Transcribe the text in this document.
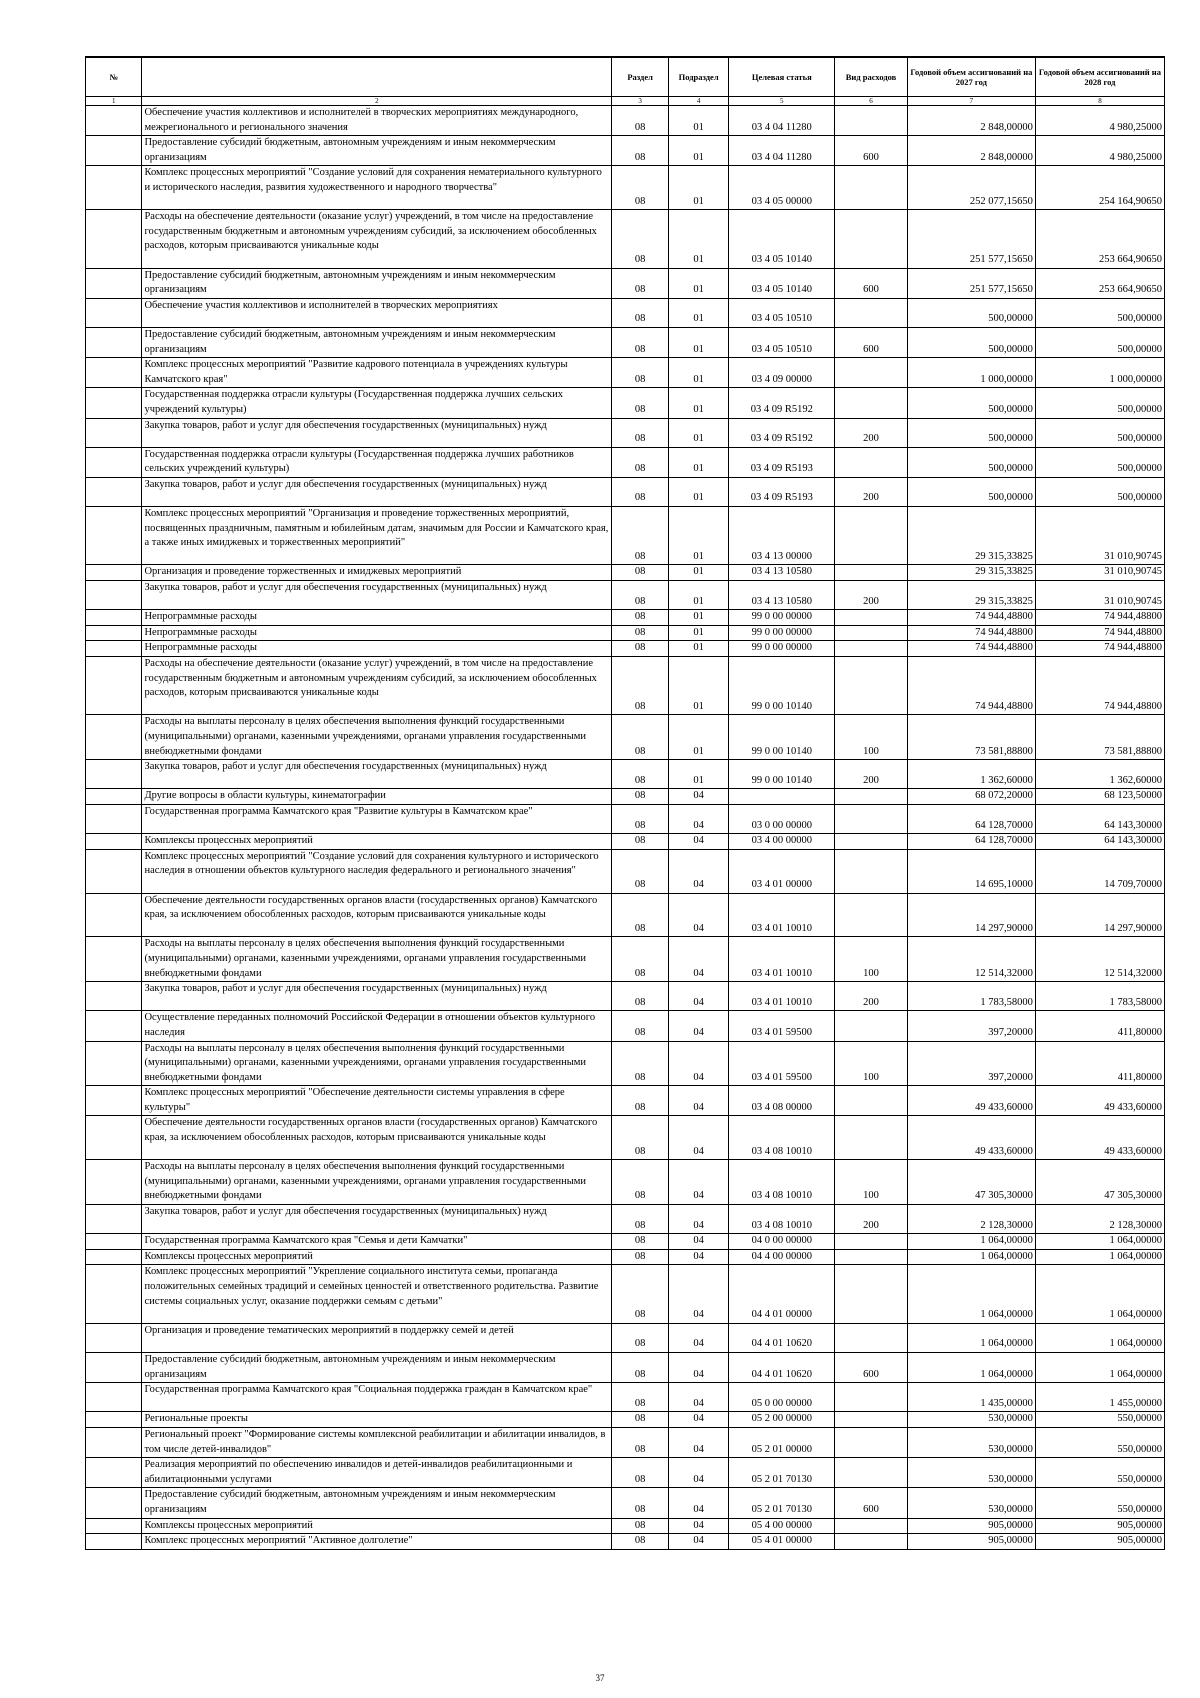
№		Раздел	Подраздел	Целевая статья	Вид расходов	Годовой объем ассигнований на 2027 год	Годовой объем ассигнований на 2028 год
1	2	3	4	5	6	7	8
	Обеспечение участия коллективов и исполнителей в творческих мероприятиях международного, межрегионального и регионального значения	08	01	03 4 04 11280		2 848,00000	4 980,25000
	Предоставление субсидий бюджетным, автономным учреждениям и иным некоммерческим организациям	08	01	03 4 04 11280	600	2 848,00000	4 980,25000
	Комплекс процессных мероприятий "Создание условий для сохранения нематериального культурного и исторического наследия, развития художественного и народного творчества"	08	01	03 4 05 00000		252 077,15650	254 164,90650
	Расходы на обеспечение деятельности (оказание услуг) учреждений, в том числе на предоставление государственным бюджетным и автономным учреждениям субсидий, за исключением обособленных расходов, которым присваиваются уникальные коды	08	01	03 4 05 10140		251 577,15650	253 664,90650
	Предоставление субсидий бюджетным, автономным учреждениям и иным некоммерческим организациям	08	01	03 4 05 10140	600	251 577,15650	253 664,90650
	Обеспечение участия коллективов и исполнителей в творческих мероприятиях	08	01	03 4 05 10510		500,00000	500,00000
	Предоставление субсидий бюджетным, автономным учреждениям и иным некоммерческим организациям	08	01	03 4 05 10510	600	500,00000	500,00000
	Комплекс процессных мероприятий "Развитие кадрового потенциала в учреждениях культуры Камчатского края"	08	01	03 4 09 00000		1 000,00000	1 000,00000
	Государственная поддержка отрасли культуры (Государственная поддержка лучших сельских учреждений культуры)	08	01	03 4 09 R5192		500,00000	500,00000
	Закупка товаров, работ и услуг для обеспечения государственных (муниципальных) нужд	08	01	03 4 09 R5192	200	500,00000	500,00000
	Государственная поддержка отрасли культуры (Государственная поддержка лучших работников сельских учреждений культуры)	08	01	03 4 09 R5193		500,00000	500,00000
	Закупка товаров, работ и услуг для обеспечения государственных (муниципальных) нужд	08	01	03 4 09 R5193	200	500,00000	500,00000
	Комплекс процессных мероприятий "Организация и проведение торжественных мероприятий, посвященных праздничным, памятным и юбилейным датам, значимым для России и Камчатского края, а также иных имиджевых и торжественных мероприятий"	08	01	03 4 13 00000		29 315,33825	31 010,90745
	Организация и проведение торжественных и имиджевых мероприятий	08	01	03 4 13 10580		29 315,33825	31 010,90745
	Закупка товаров, работ и услуг для обеспечения государственных (муниципальных) нужд	08	01	03 4 13 10580	200	29 315,33825	31 010,90745
	Непрограммные расходы	08	01	99 0 00 00000		74 944,48800	74 944,48800
	Непрограммные расходы	08	01	99 0 00 00000		74 944,48800	74 944,48800
	Непрограммные расходы	08	01	99 0 00 00000		74 944,48800	74 944,48800
	Расходы на обеспечение деятельности (оказание услуг) учреждений, в том числе на предоставление государственным бюджетным и автономным учреждениям субсидий, за исключением обособленных расходов, которым присваиваются уникальные коды	08	01	99 0 00 10140		74 944,48800	74 944,48800
	Расходы на выплаты персоналу в целях обеспечения выполнения функций государственными (муниципальными) органами, казенными учреждениями, органами управления государственными внебюджетными фондами	08	01	99 0 00 10140	100	73 581,88800	73 581,88800
	Закупка товаров, работ и услуг для обеспечения государственных (муниципальных) нужд	08	01	99 0 00 10140	200	1 362,60000	1 362,60000
	Другие вопросы в области культуры, кинематографии	08	04			68 072,20000	68 123,50000
	Государственная программа Камчатского края "Развитие культуры в Камчатском крае"	08	04	03 0 00 00000		64 128,70000	64 143,30000
	Комплексы процессных мероприятий	08	04	03 4 00 00000		64 128,70000	64 143,30000
	Комплекс процессных мероприятий "Создание условий для сохранения культурного и исторического наследия в отношении объектов культурного наследия федерального и регионального значения"	08	04	03 4 01 00000		14 695,10000	14 709,70000
	Обеспечение деятельности государственных органов власти (государственных органов) Камчатского края, за исключением обособленных расходов, которым присваиваются уникальные коды	08	04	03 4 01 10010		14 297,90000	14 297,90000
	Расходы на выплаты персоналу в целях обеспечения выполнения функций государственными (муниципальными) органами, казенными учреждениями, органами управления государственными внебюджетными фондами	08	04	03 4 01 10010	100	12 514,32000	12 514,32000
	Закупка товаров, работ и услуг для обеспечения государственных (муниципальных) нужд	08	04	03 4 01 10010	200	1 783,58000	1 783,58000
	Осуществление переданных полномочий Российской Федерации в отношении объектов культурного наследия	08	04	03 4 01 59500		397,20000	411,80000
	Расходы на выплаты персоналу в целях обеспечения выполнения функций государственными (муниципальными) органами, казенными учреждениями, органами управления государственными внебюджетными фондами	08	04	03 4 01 59500	100	397,20000	411,80000
	Комплекс процессных мероприятий "Обеспечение деятельности системы управления в сфере культуры"	08	04	03 4 08 00000		49 433,60000	49 433,60000
	Обеспечение деятельности государственных органов власти (государственных органов) Камчатского края, за исключением обособленных расходов, которым присваиваются уникальные коды	08	04	03 4 08 10010		49 433,60000	49 433,60000
	Расходы на выплаты персоналу в целях обеспечения выполнения функций государственными (муниципальными) органами, казенными учреждениями, органами управления государственными внебюджетными фондами	08	04	03 4 08 10010	100	47 305,30000	47 305,30000
	Закупка товаров, работ и услуг для обеспечения государственных (муниципальных) нужд	08	04	03 4 08 10010	200	2 128,30000	2 128,30000
	Государственная программа Камчатского края "Семья и дети Камчатки"	08	04	04 0 00 00000		1 064,00000	1 064,00000
	Комплексы процессных мероприятий	08	04	04 4 00 00000		1 064,00000	1 064,00000
	Комплекс процессных мероприятий "Укрепление социального института семьи, пропаганда положительных семейных традиций и семейных ценностей и ответственного родительства. Развитие системы социальных услуг, оказание поддержки семьям с детьми"	08	04	04 4 01 00000		1 064,00000	1 064,00000
	Организация и проведение тематических мероприятий в поддержку семей и детей	08	04	04 4 01 10620		1 064,00000	1 064,00000
	Предоставление субсидий бюджетным, автономным учреждениям и иным некоммерческим организациям	08	04	04 4 01 10620	600	1 064,00000	1 064,00000
	Государственная программа Камчатского края "Социальная поддержка граждан в Камчатском крае"	08	04	05 0 00 00000		1 435,00000	1 455,00000
	Региональные проекты	08	04	05 2 00 00000		530,00000	550,00000
	Региональный проект "Формирование системы комплексной реабилитации и абилитации инвалидов, в том числе детей-инвалидов"	08	04	05 2 01 00000		530,00000	550,00000
	Реализация мероприятий по обеспечению инвалидов и детей-инвалидов реабилитационными и абилитационными услугами	08	04	05 2 01 70130		530,00000	550,00000
	Предоставление субсидий бюджетным, автономным учреждениям и иным некоммерческим организациям	08	04	05 2 01 70130	600	530,00000	550,00000
	Комплексы процессных мероприятий	08	04	05 4 00 00000		905,00000	905,00000
	Комплекс процессных мероприятий "Активное долголетие"	08	04	05 4 01 00000		905,00000	905,00000
37
